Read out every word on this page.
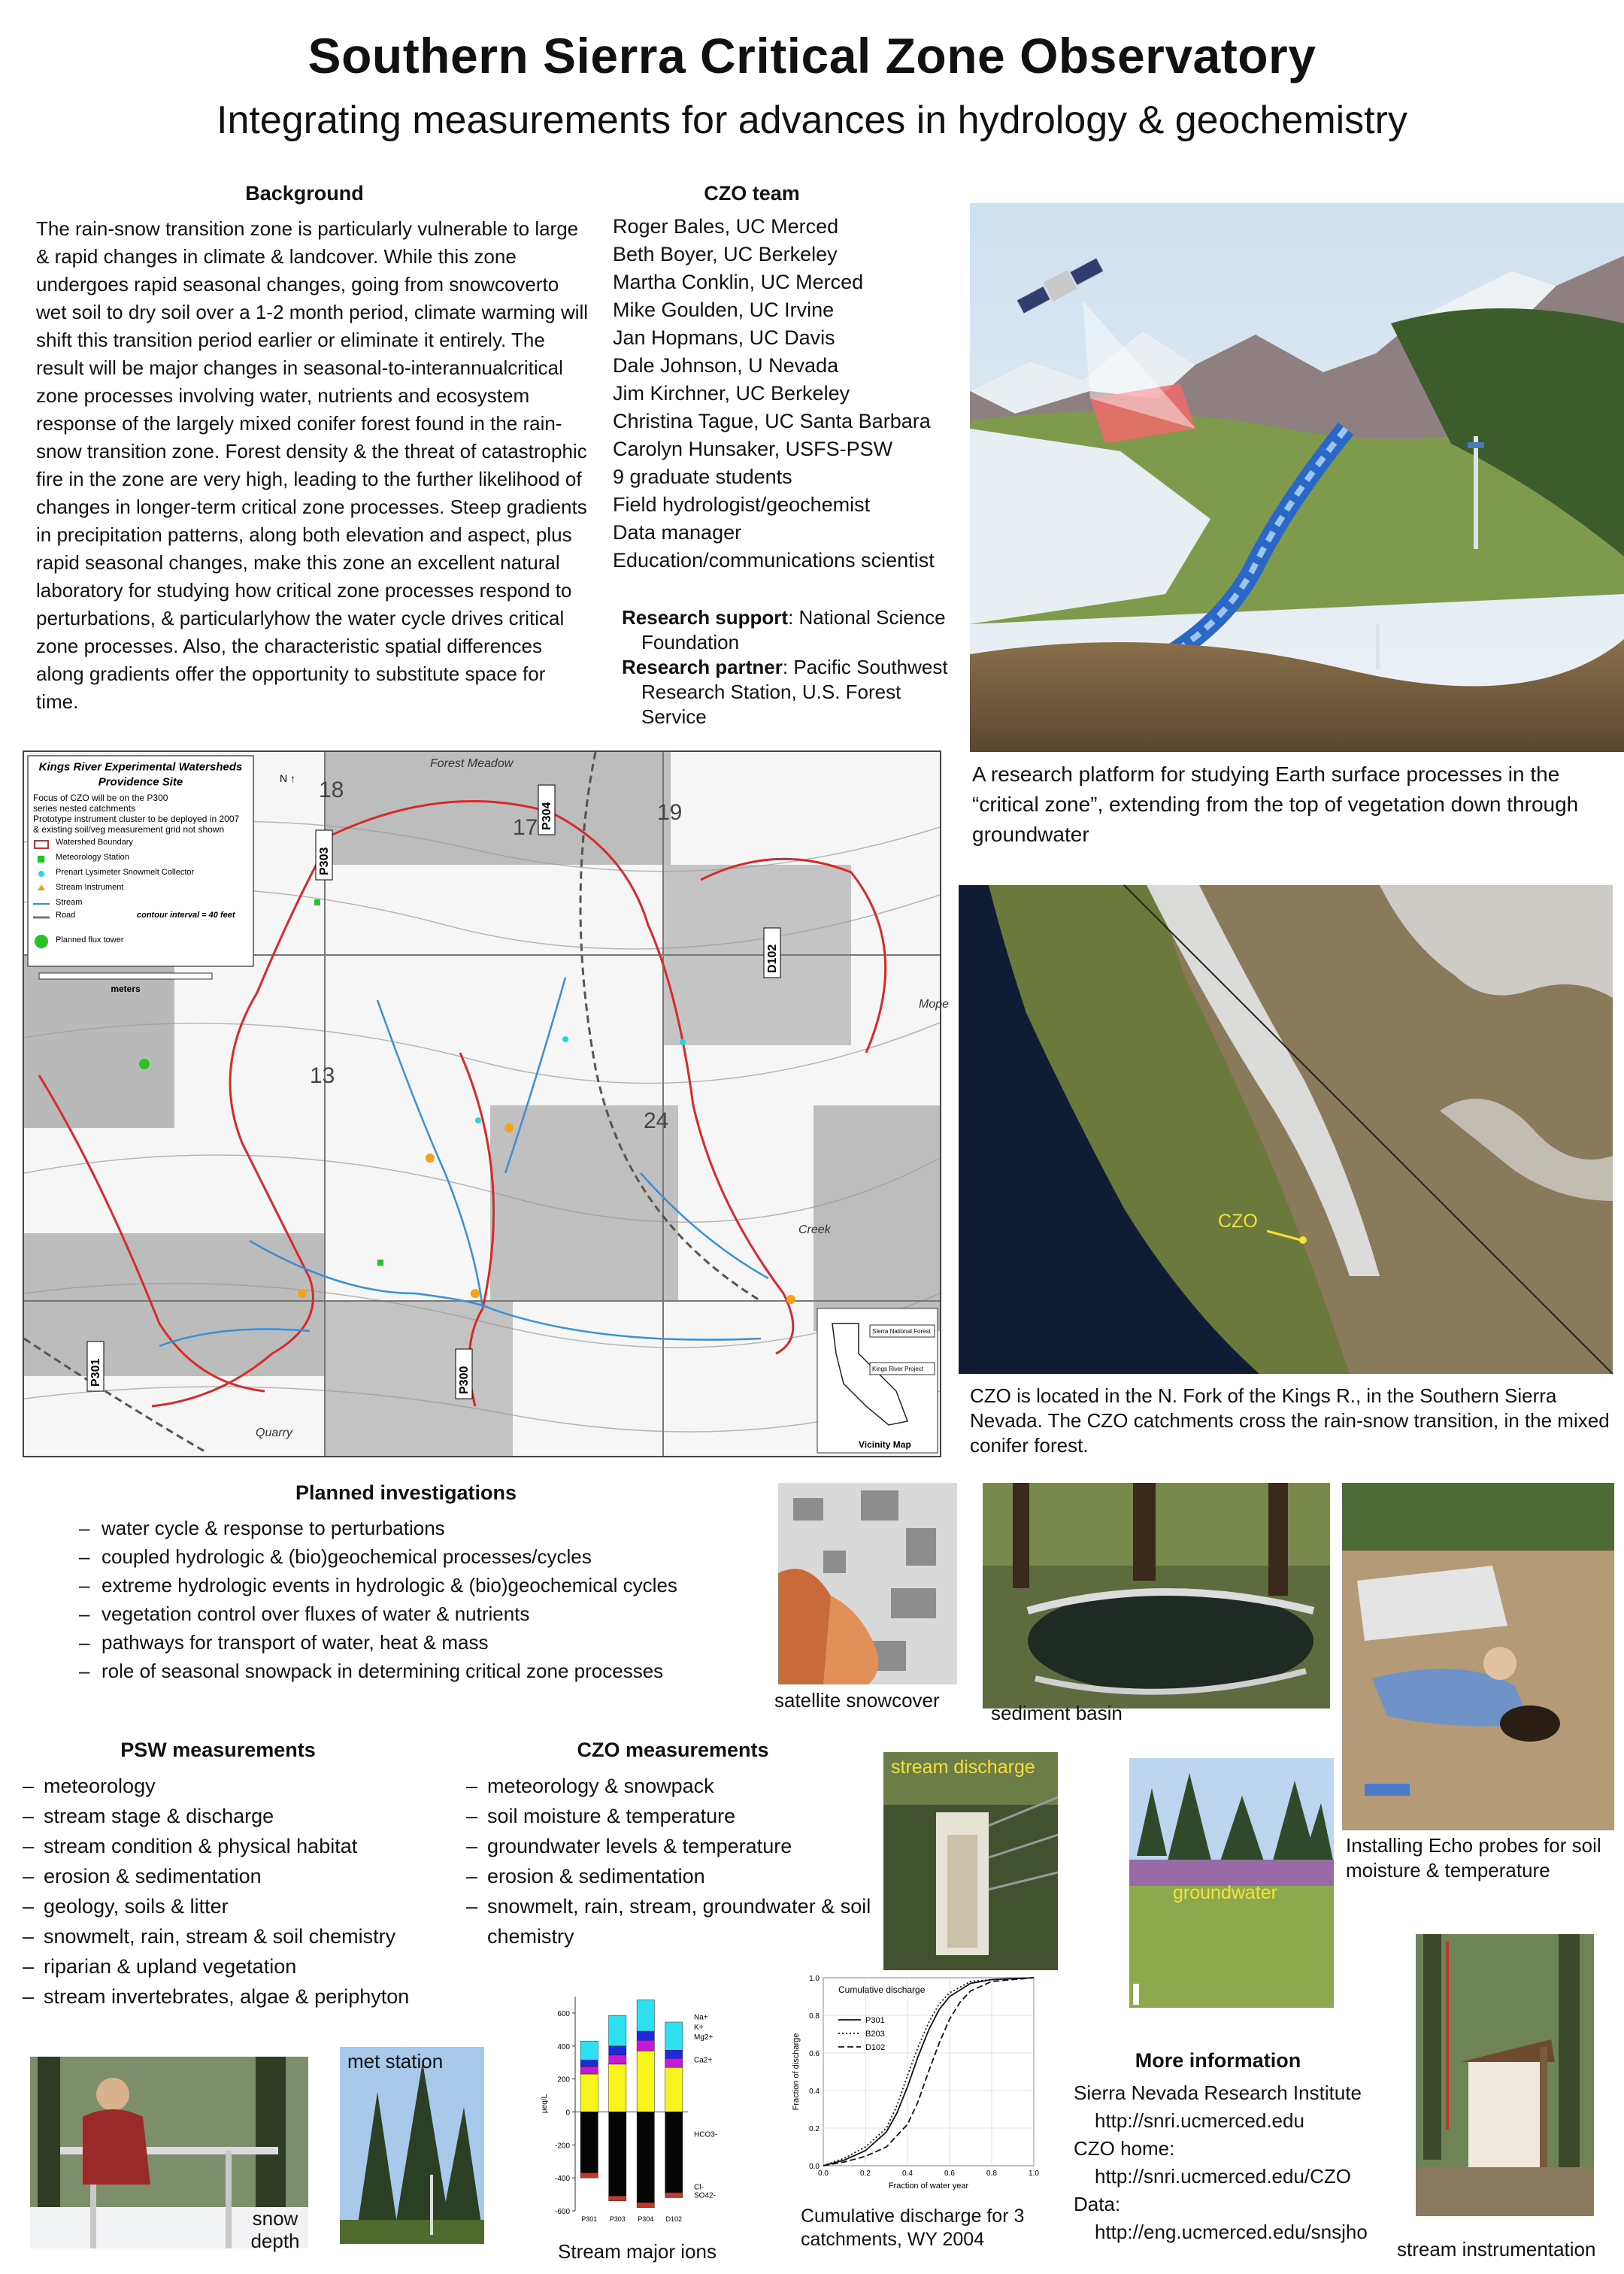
Southern Sierra Critical Zone Observatory
Integrating measurements for advances in hydrology & geochemistry
Background
The rain-snow transition zone is particularly vulnerable to large & rapid changes in climate & landcover. While this zone undergoes rapid seasonal changes, going from snowcoverto wet soil to dry soil over a 1-2 month period, climate warming will shift this transition period earlier or eliminate it entirely. The result will be major changes in seasonal-to-interannualcritical zone processes involving water, nutrients and ecosystem response of the largely mixed conifer forest found in the rain-snow transition zone. Forest density & the threat of catastrophic fire in the zone are very high, leading to the further likelihood of changes in longer-term critical zone processes. Steep gradients in precipitation patterns, along both elevation and aspect, plus rapid seasonal changes, make this zone an excellent natural laboratory for studying how critical zone processes respond to perturbations, & particularlyhow the water cycle drives critical zone processes. Also, the characteristic spatial differences along gradients offer the opportunity to substitute space for time.
CZO team
Roger Bales, UC Merced
Beth Boyer, UC Berkeley
Martha Conklin, UC Merced
Mike Goulden, UC Irvine
Jan Hopmans, UC Davis
Dale Johnson, U Nevada
Jim Kirchner, UC Berkeley
Christina Tague, UC Santa Barbara
Carolyn Hunsaker, USFS-PSW
9 graduate students
Field hydrologist/geochemist
Data manager
Education/communications scientist
Research support: National Science Foundation
Research partner: Pacific Southwest Research Station, U.S. Forest Service
A research platform for studying Earth surface processes in the “critical zone”, extending from the top of vegetation down through groundwater
Kings River Experimental Watersheds
Providence Site
Focus of CZO will be on the P300
series nested catchments
Prototype instrument cluster to be deployed in 2007
& existing soil/veg measurement grid not shown
Watershed Boundary
Meteorology Station
Prenart Lysimeter Snowmelt Collector
Stream Instrument
Stream
Road	contour interval = 40 feet
Planned flux tower
N ↑
meters
P301
P303
P304
P300
D102
18
17
19
13
24
Forest Meadow
Mope
Creek
Quarry
Sierra National Forest
Kings River Project
Vicinity Map
CZO
CZO is located in the N. Fork of the Kings R., in the Southern Sierra Nevada. The CZO catchments cross the rain-snow transition, in the mixed conifer forest.
Planned investigations
– water cycle & response to perturbations
– coupled hydrologic & (bio)geochemical processes/cycles
– extreme hydrologic events in hydrologic & (bio)geochemical cycles
– vegetation control over fluxes of water & nutrients
– pathways for transport of water, heat & mass
– role of seasonal snowpack in determining critical zone processes
PSW measurements
– meteorology
– stream stage & discharge
– stream condition & physical habitat
– erosion & sedimentation
– geology, soils & litter
– snowmelt, rain, stream & soil chemistry
– riparian & upland vegetation
– stream invertebrates, algae & periphyton
CZO measurements
– meteorology & snowpack
– soil moisture & temperature
– groundwater levels & temperature
– erosion & sedimentation
– snowmelt, rain, stream, groundwater & soil chemistry
satellite snowcover
sediment basin
Installing Echo probes for soil moisture & temperature
stream discharge
groundwater
-600
-400
-200
0
200
400
600
µeq/L
P301 P303 P304 D102
Na+
K+
Mg2+
Ca2+
HCO3-
Cl-
SO42-
Stream major ions
0.0	0.2	0.4	0.6	0.8	1.0
0.0
0.2
0.4
0.6
0.8
1.0
Fraction of water year
Fraction of discharge
Cumulative discharge
P301
B203
D102
Cumulative discharge for 3 catchments, WY 2004
More information
Sierra Nevada Research Institute
http://snri.ucmerced.edu
CZO home:
http://snri.ucmerced.edu/CZO
Data:
http://eng.ucmerced.edu/snsjho
met station
snow
depth	stream instrumentation
